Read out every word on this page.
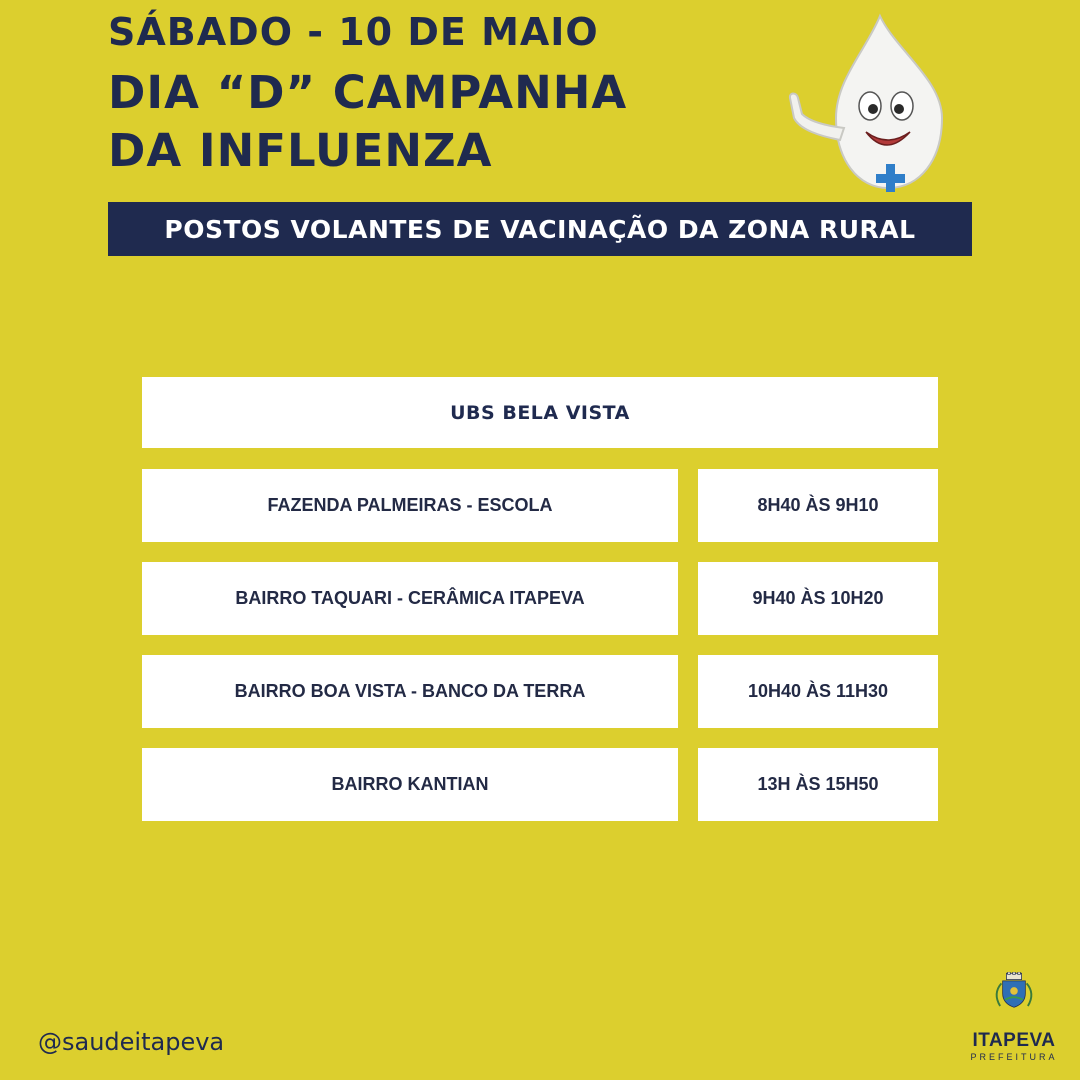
SÁBADO - 10 DE MAIO
DIA “D” CAMPANHA
DA INFLUENZA
POSTOS VOLANTES DE VACINAÇÃO DA ZONA RURAL
UBS BELA VISTA
FAZENDA PALMEIRAS - ESCOLA	8H40 ÀS 9H10
BAIRRO TAQUARI - CERÂMICA ITAPEVA	9H40 ÀS 10H20
BAIRRO BOA VISTA - BANCO DA TERRA	10H40 ÀS 11H30
BAIRRO KANTIAN	13H ÀS 15H50
@saudeitapeva	ITAPEVA
PREFEITURA
